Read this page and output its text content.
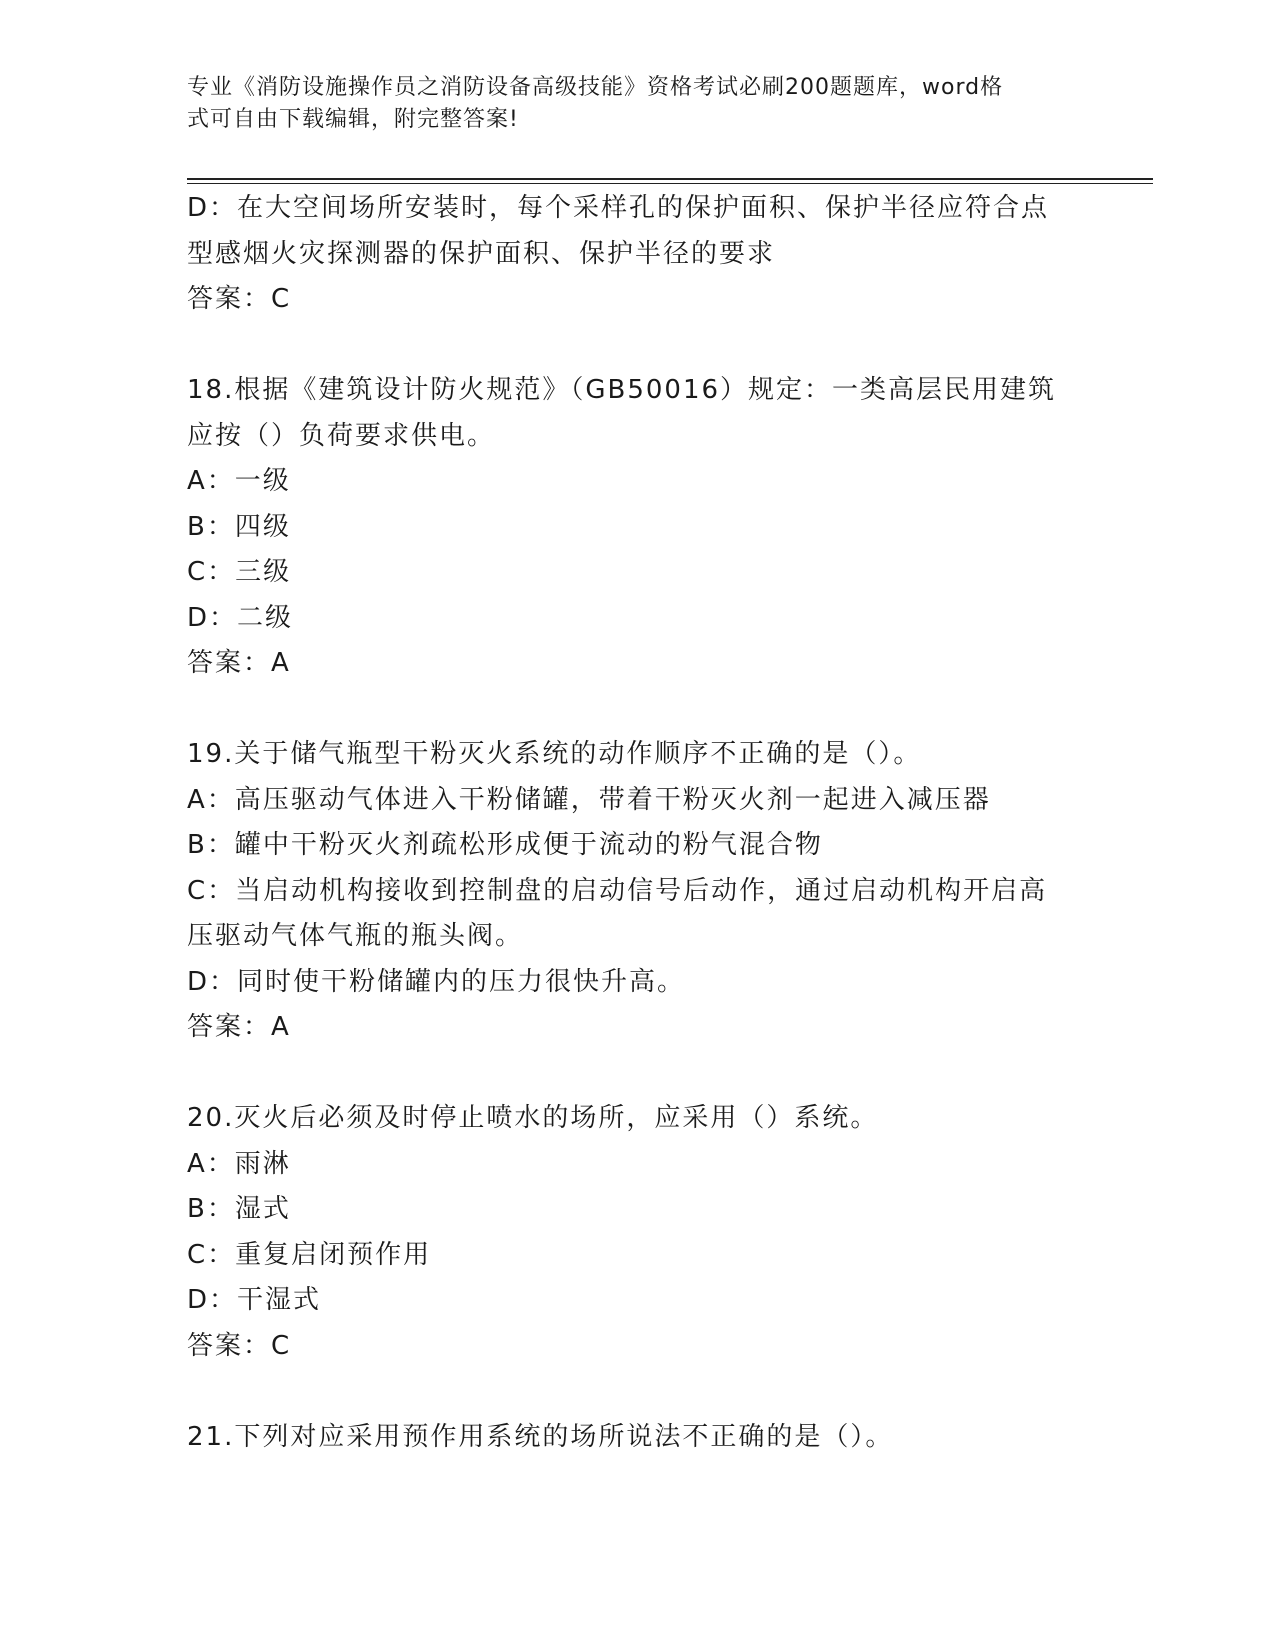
专业《消防设施操作员之消防设备高级技能》资格考试必刷200题题库，word格
式可自由下载编辑，附完整答案!
D：在大空间场所安装时，每个采样孔的保护面积、保护半径应符合点
型感烟火灾探测器的保护面积、保护半径的要求
答案：C
18.根据《建筑设计防火规范》（GB50016）规定：一类高层民用建筑
应按（）负荷要求供电。
A：一级
B：四级
C：三级
D：二级
答案：A
19.关于储气瓶型干粉灭火系统的动作顺序不正确的是（）。
A：高压驱动气体进入干粉储罐，带着干粉灭火剂一起进入减压器
B：罐中干粉灭火剂疏松形成便于流动的粉气混合物
C：当启动机构接收到控制盘的启动信号后动作，通过启动机构开启高
压驱动气体气瓶的瓶头阀。
D：同时使干粉储罐内的压力很快升高。
答案：A
20.灭火后必须及时停止喷水的场所，应采用（）系统。
A：雨淋
B：湿式
C：重复启闭预作用
D：干湿式
答案：C
21.下列对应采用预作用系统的场所说法不正确的是（）。
